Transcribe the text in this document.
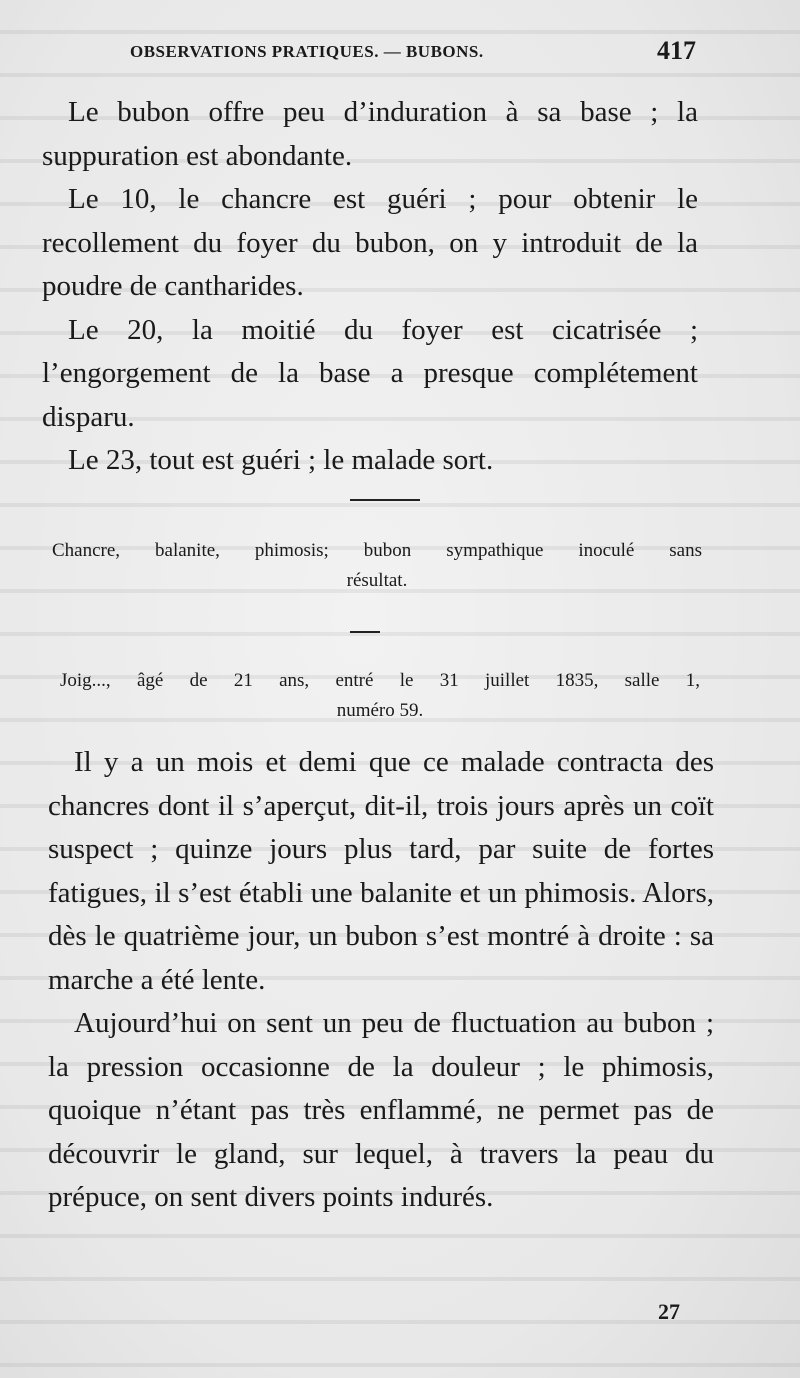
OBSERVATIONS PRATIQUES. — BUBONS.	417

Le bubon offre peu d’induration à sa base ; la suppuration est abondante.

Le 10, le chancre est guéri ; pour obtenir le recollement du foyer du bubon, on y introduit de la poudre de cantharides.

Le 20, la moitié du foyer est cicatrisée ; l’engorgement de la base a presque complétement disparu.

Le 23, tout est guéri ; le malade sort.

Chancre, balanite, phimosis; bubon sympathique inoculé sans
résultat.
Joig..., âgé de 21 ans, entré le 31 juillet 1835, salle 1,
numéro 59.

Il y a un mois et demi que ce malade contracta des chancres dont il s’aperçut, dit-il, trois jours après un coït suspect ; quinze jours plus tard, par suite de fortes fatigues, il s’est établi une balanite et un phimosis. Alors, dès le quatrième jour, un bubon s’est montré à droite : sa marche a été lente.

Aujourd’hui on sent un peu de fluctuation au bubon ; la pression occasionne de la douleur ; le phimosis, quoique n’étant pas très enflammé, ne permet pas de découvrir le gland, sur lequel, à travers la peau du prépuce, on sent divers points indurés.

27
